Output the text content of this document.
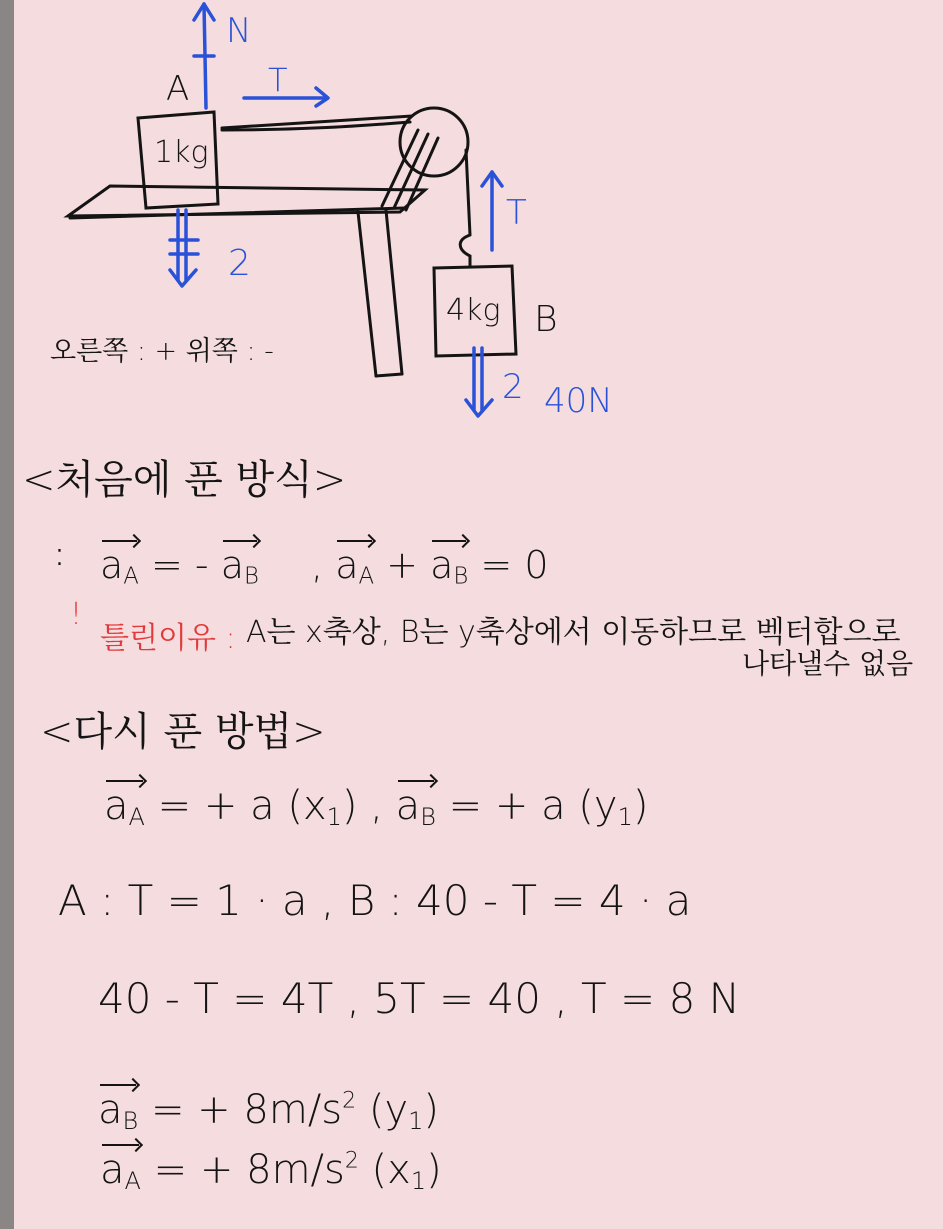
N
A T
1kg
T
2
4kg B
오른쪽 : + 위쪽 : -
2 40N
<처음에 푼 방식>
⁚ $a_A$ = - $a_B$ , $a_A + a_B = 0$
!
틀린이유 : A는 x축상, B는 y축상에서 이동하므로 벡터합으로
나타낼수 없음
<다시 푼 방법>
$a_A$ = + a $(x_1)$ , $a_B$ = + a $(y_1)$
A : T = 1 · a , B : 40 - T = 4 · a
40 - T = 4T , 5T = 40 , T = 8 N
$a_B$ = + $8m/s^2$ $(y_1)$
$a_A$ = + $8m/s^2$ $(x_1)$
